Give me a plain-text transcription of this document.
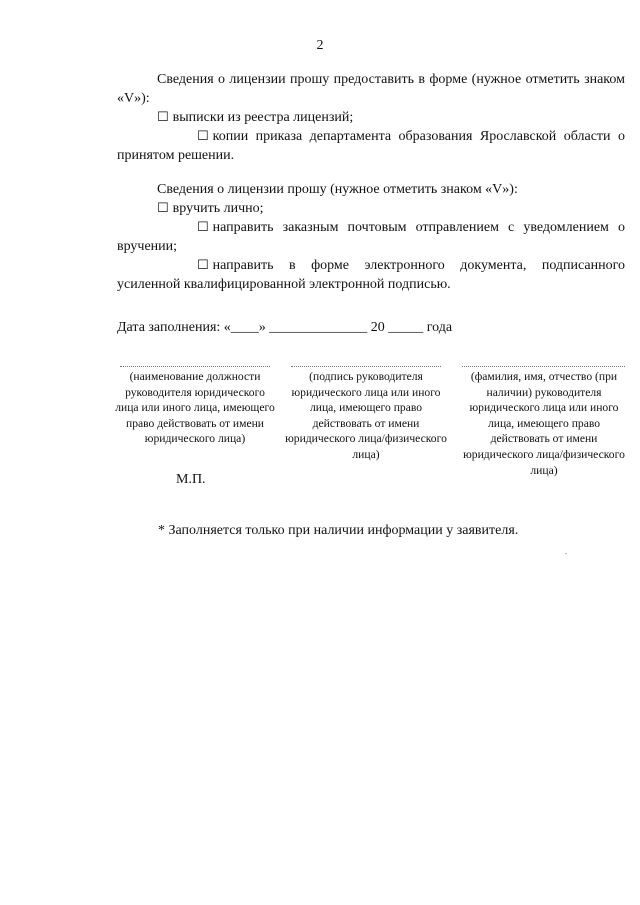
2
Сведения о лицензии прошу предоставить в форме (нужное отметить знаком «V»):
☐ выписки из реестра лицензий;
☐ копии приказа департамента образования Ярославской области о принятом решении.
Сведения о лицензии прошу (нужное отметить знаком «V»):
☐ вручить лично;
☐ направить заказным почтовым отправлением с уведомлением о вручении;
☐ направить в форме электронного документа, подписанного усиленной квалифицированной электронной подписью.
Дата заполнения: «____» ______________ 20 _____ года
(наименование должности руководителя юридического лица или иного лица, имеющего право действовать от имени юридического лица)
(подпись руководителя юридического лица или иного лица, имеющего право действовать от имени юридического лица/физического лица)
(фамилия, имя, отчество (при наличии) руководителя юридического лица или иного лица, имеющего право действовать от имени юридического лица/физического лица)
М.П.
* Заполняется только при наличии информации у заявителя.
